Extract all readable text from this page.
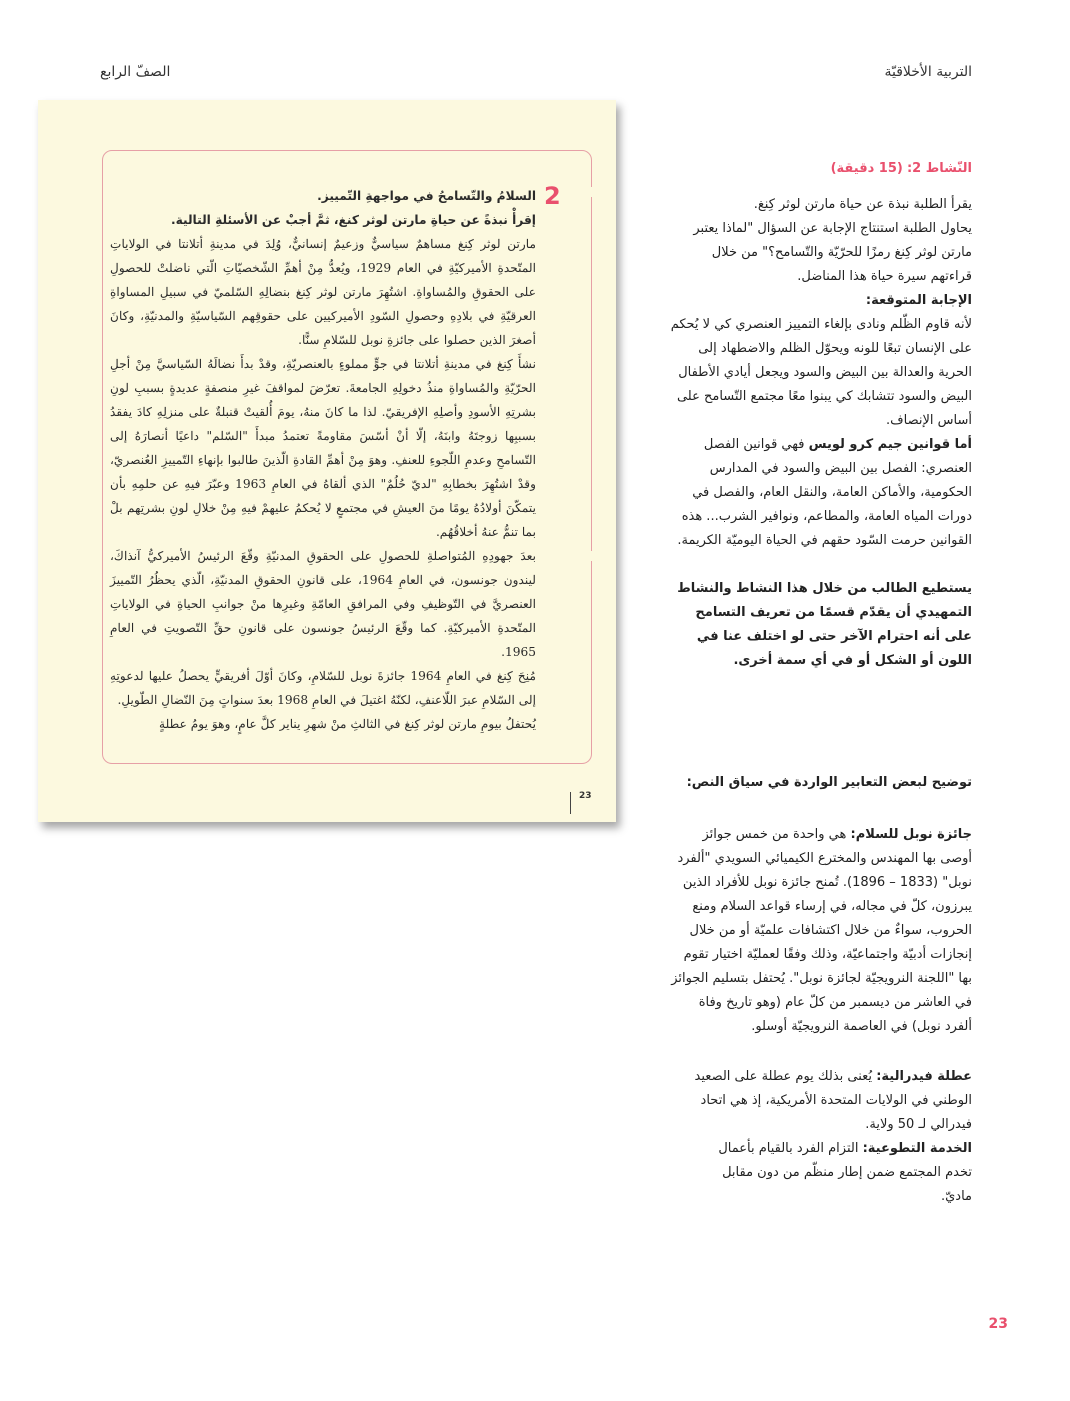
التربية الأخلاقيّة
الصفّ الرابع
2

السلامُ والتّسامحُ في مواجهةِ التّمييز.

إقرأْ نبذةً عن حياةِ مارتن لوثر كنغ، ثمَّ أجبْ عن الأسئلةِ التالية.

مارتن لوثر كِنغ مساهمٌ سياسيٌّ وزعيمٌ إنسانيٌّ، وُلِدَ في مدينةِ أتلانتا في الولاياتِ المتّحدةِ الأميركيّةِ في العام 1929، ويُعدُّ مِنْ أهمِّ الشّخصيّاتِ الّتي ناضلتْ للحصولِ على الحقوقِ والمُساواةِ. اشتُهِرَ مارتن لوثر كِنغ بنضالِهِ السّلميّ في سبيلِ المساواةِ العرقيّةِ في بلادِهِ وحصولِ السّودِ الأميركيين على حقوقِهم السّياسيّةِ والمدنيّةِ، وكانَ أصغرَ الذين حصلوا على جائزةِ نوبل للسّلامِ سنًّا.

نشأَ كِنغ في مدينةِ أتلانتا في جوٍّ مملوءٍ بالعنصريّةِ، وقدْ بدأَ نضالَهُ السّياسيَّ مِنْ أجلِ الحرّيّةِ والمُساواةِ منذُ دخولِهِ الجامعةَ. تعرّضَ لمواقفَ غيرِ منصفةٍ عديدةٍ بسببِ لونِ بشرتِهِ الأسودِ وأصلِهِ الإفريقيّ. لذا ما كانَ منهُ، يومَ أُلقيتْ قنبلةٌ على منزلِهِ كادَ يفقدُ بسببِها زوجتَهُ وابنَهُ، إلّا أنْ أسّسَ مقاومةً تعتمدُ مبدأَ "السّلم" داعيًا أنصارَهُ إلى التّسامحِ وعدمِ اللّجوءِ للعنفِ. وهوَ مِنْ أهمِّ القادةِ الّذينَ طالبوا بإنهاءِ التّمييزِ العُنصريّ، وقدْ اشتُهِرَ بخطابِهِ "لديّ حُلُمٌ" الذي ألقاهُ في العامِ 1963 وعبّرَ فيهِ عن حلمِهِ بأن يتمكّنَ أولادُهُ يومًا منَ العيشِ في مجتمعٍ لا يُحكمُ عليهمْ فيهِ مِنْ خلالِ لونِ بشرتِهم بلْ بما تنمُّ عنهُ أخلاقُهُم.

بعدَ جهودِهِ المُتواصلةِ للحصولِ على الحقوقِ المدنيّةِ وقّعَ الرئيسُ الأميركيُّ آنذاكَ، ليندون جونسون، في العامِ 1964، على قانونِ الحقوقِ المدنيّةِ، الّذي يحظُرُ التّمييزَ العنصريَّ في التّوظيفِ وفي المرافقِ العامّةِ وغيرِها منْ جوانبِ الحياةِ في الولاياتِ المتّحدةِ الأميركيّةِ. كما وقّعَ الرئيسُ جونسون على قانونِ حقِّ التّصويتِ في العامِ 1965.

مُنِحَ كِنغ في العامِ 1964 جائزةَ نوبل للسّلامِ، وكانَ أوّلَ أفريقيٍّ يحصلُ عليها لدعوتِهِ إلى السّلامِ عبرَ اللّاعنفِ، لكنّهُ اغتيلَ في العامِ 1968 بعدَ سنواتٍ مِنَ النّضالِ الطّويلِ.

يُحتفلُ بيومِ مارتن لوثر كِنغ في الثالثِ منْ شهرِ يناير كلَّ عامٍ، وهوَ يومُ عطلةٍ

23

النّشاط 2: (15 دقيقة)

يقرأ الطلبة نبذة عن حياة مارتن لوثر كِنغ.

يحاول الطلبة استنتاج الإجابة عن السؤال "لماذا يعتبر مارتن لوثر كِنغ رمزًا للحرّيّة والتّسامح؟" من خلال قراءتهم سيرة حياة هذا المناضل.

الإجابة المتوقعة:

لأنه قاوم الظّلم ونادى بإلغاء التمييز العنصري كي لا يُحكم على الإنسان تبعًا للونه ويحوّل الظلم والاضطهاد إلى الحرية والعدالة بين البيض والسود ويجعل أيادي الأطفال البيض والسود تتشابك كي يبنوا معًا مجتمع التّسامح على أساس الإنصاف.

أما قوانين جيم كرو لويس فهي قوانين الفصل العنصري: الفصل بين البيض والسود في المدارس الحكومية، والأماكن العامة، والنقل العام، والفصل في دورات المياه العامة، والمطاعم، ونوافير الشرب... هذه القوانين حرمت السّود حقهم في الحياة اليوميّة الكريمة.

يستطيع الطالب من خلال هذا النشاط والنشاط التمهيدي أن يقدّم قسمًا من تعريف التسامح على أنه احترام الآخر حتى لو اختلف عنا في اللون أو الشكل أو في أي سمة أخرى.

توضيح لبعض التعابير الواردة في سياق النص:

جائزة نوبل للسلام: هي واحدة من خمس جوائز أوصى بها المهندس والمخترع الكيميائي السويدي "ألفرد نوبل" (1833 – 1896). تُمنح جائزة نوبل للأفراد الذين يبرزون، كلّ في مجاله، في إرساء قواعد السلام ومنع الحروب، سواءٌ من خلال اكتشافات علميّة أو من خلال إنجازات أدبيّة واجتماعيّة، وذلك وفقًا لعمليّة اختيار تقوم بها "اللجنة النرويجيّة لجائزة نوبل". يُحتفل بتسليم الجوائز في العاشر من ديسمبر من كلّ عام (وهو تاريخ وفاة ألفرد نوبل) في العاصمة النرويجيّة أوسلو.

عطلة فيدرالية: يُعنى بذلك يوم عطلة على الصعيد الوطني في الولايات المتحدة الأمريكية، إذ هي اتحاد فيدرالي لـ 50 ولاية.

الخدمة التطوعية: التزام الفرد بالقيام بأعمال تخدم المجتمع ضمن إطار منظّم من دون مقابل ماديّ.

23
